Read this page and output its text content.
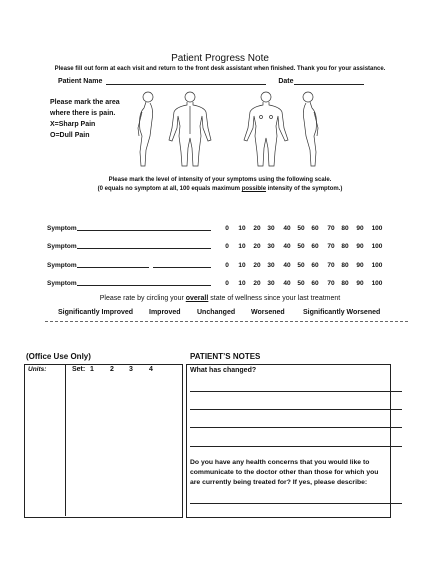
Patient Progress Note
Please fill out form at each visit and return to the front desk assistant when finished. Thank you for your assistance.
Patient Name	Date
Please mark the area
where there is pain.
X=Sharp Pain
O=Dull Pain
Please mark the level of intensity of your symptoms using the following scale.
(0 equals no symptom at all, 100 equals maximum possible intensity of the symptom.)
Symptom	0	10	20	30	40	50	60	70	80	90	100
Symptom	0	10	20	30	40	50	60	70	80	90	100
Symptom	0	10	20	30	40	50	60	70	80	90	100
Symptom	0	10	20	30	40	50	60	70	80	90	100
Please rate by circling your overall state of wellness since your last treatment
Significantly Improved Improved Unchanged Worsened	Significantly Worsened
(Office Use Only)	PATIENT’S NOTES
Units:	Set: 1 2 3 4	What has changed?
Do you have any health concerns that you would like to communicate to the doctor other than those for which you are currently being treated for? If yes, please describe:
